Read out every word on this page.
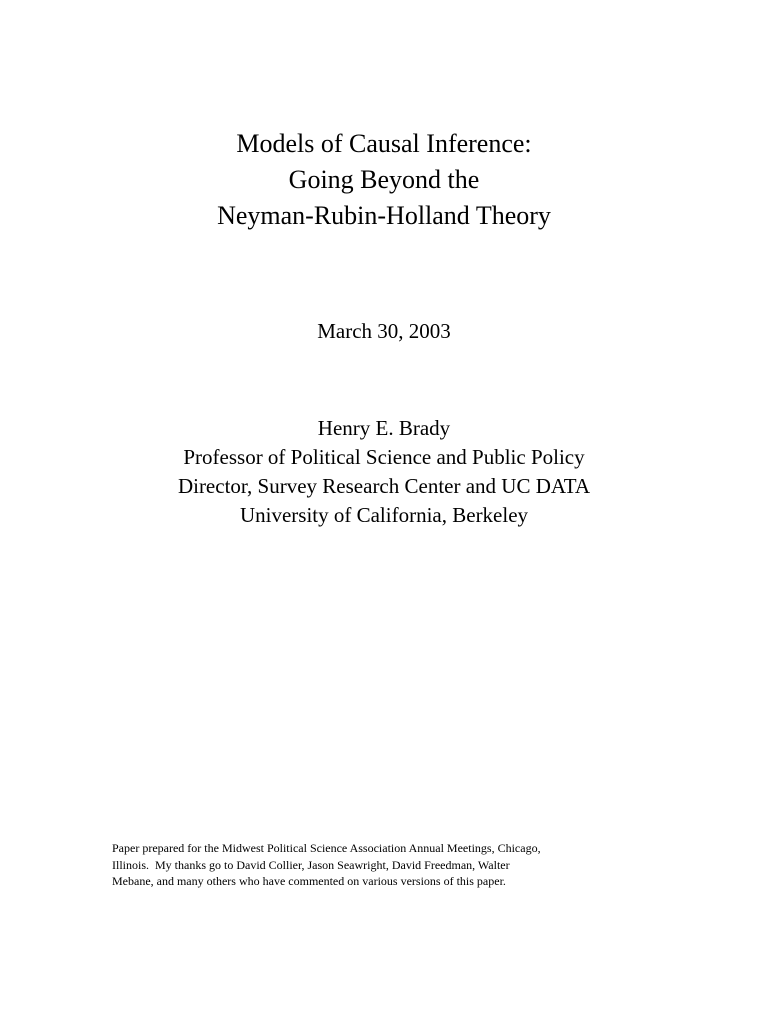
Models of Causal Inference:
Going Beyond the
Neyman-Rubin-Holland Theory
March 30, 2003
Henry E. Brady
Professor of Political Science and Public Policy
Director, Survey Research Center and UC DATA
University of California, Berkeley
Paper prepared for the Midwest Political Science Association Annual Meetings, Chicago,
Illinois.  My thanks go to David Collier, Jason Seawright, David Freedman, Walter
Mebane, and many others who have commented on various versions of this paper.
